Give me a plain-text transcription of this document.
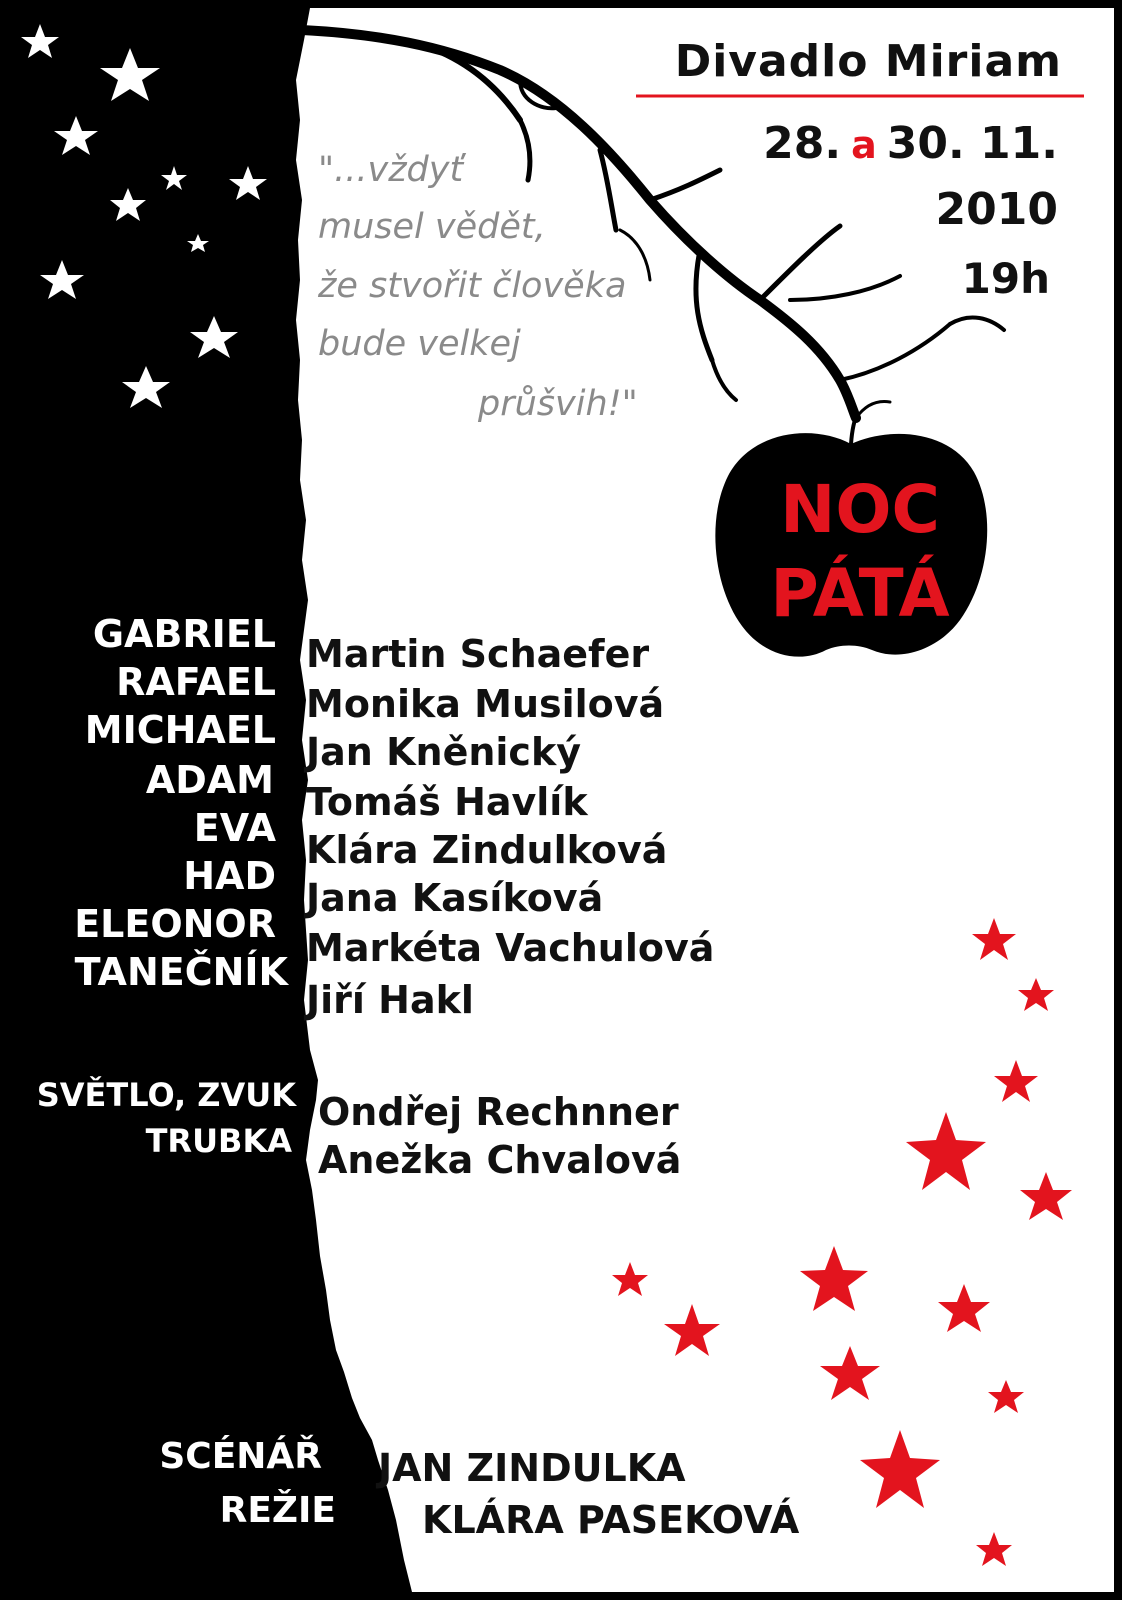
Divadlo Miriam
28. a 30. 11.
2010
19h
"...vždyť
musel vědět,
že stvořit člověka
bude velkej
průšvih!"
NOC
PÁTÁ
GABRIEL
RAFAEL
MICHAEL
ADAM
EVA
HAD
ELEONOR
TANEČNÍK
Martin Schaefer
Monika Musilová
Jan Kněnický
Tomáš Havlík
Klára Zindulková
Jana Kasíková
Markéta Vachulová
Jiří Hakl
SVĚTLO, ZVUK
TRUBKA
Ondřej Rechnner
Anežka Chvalová
SCÉNÁŘ
REŽIE
JAN ZINDULKA
KLÁRA PASEKOVÁ
